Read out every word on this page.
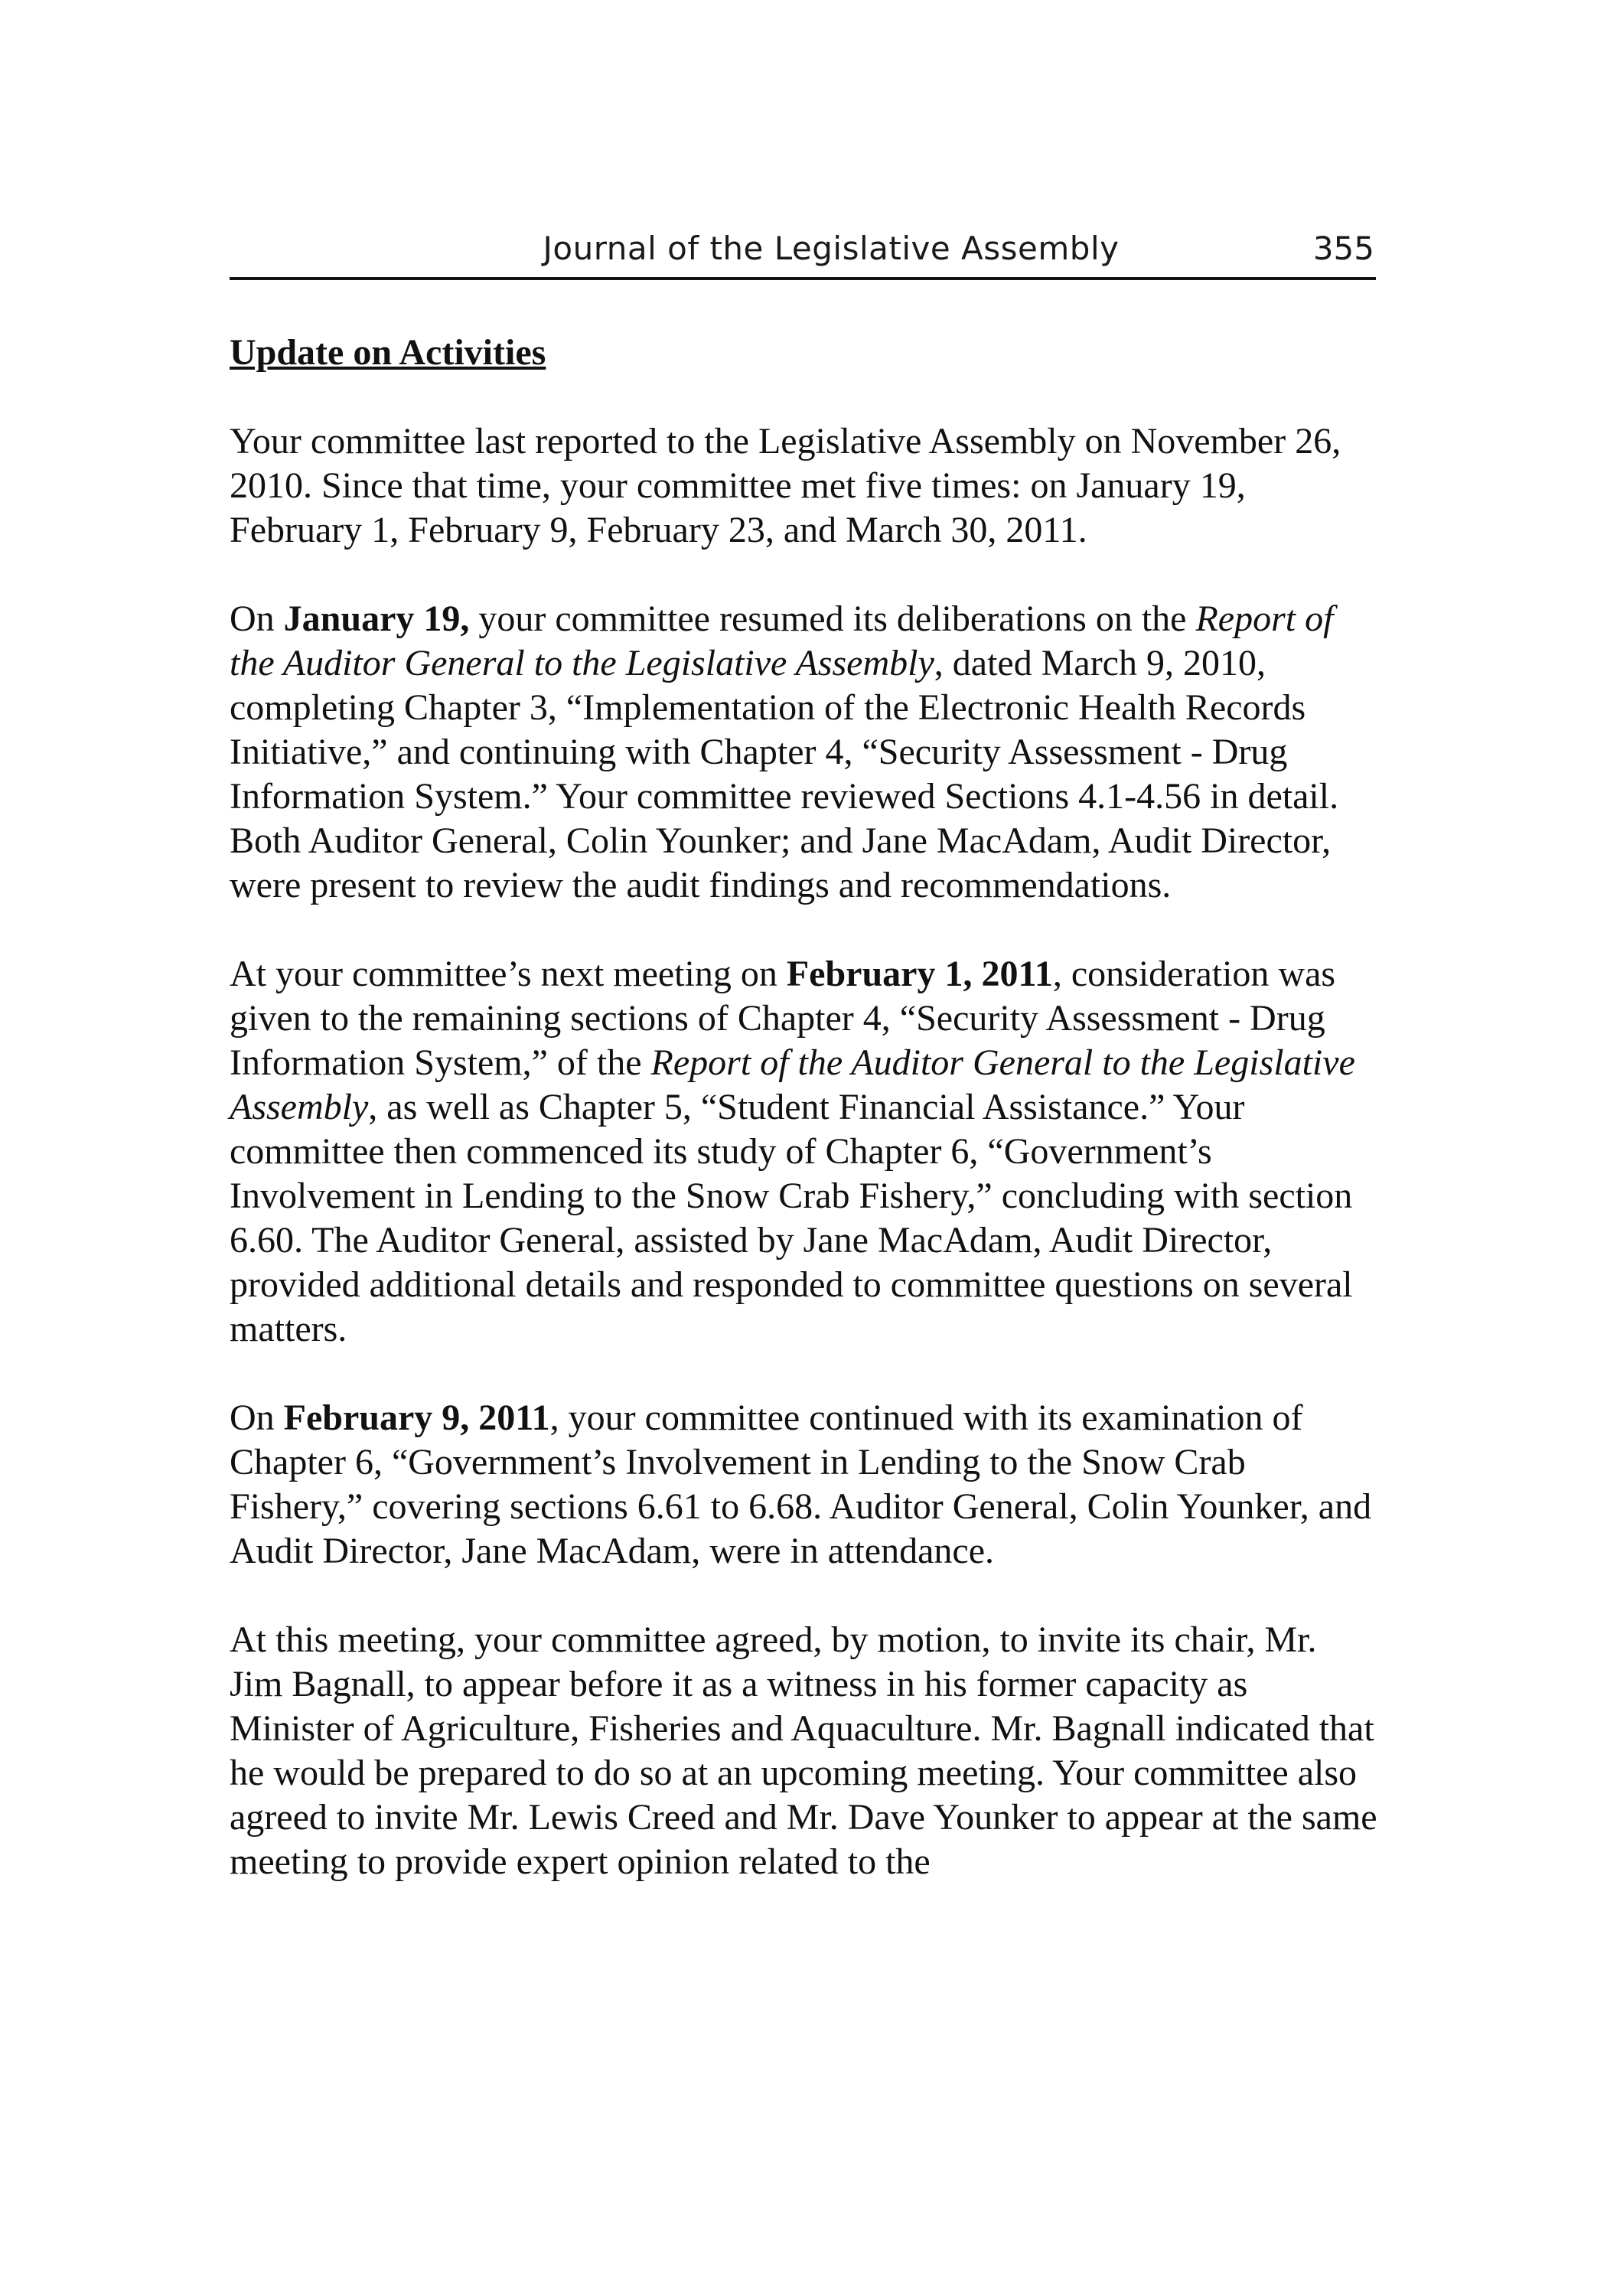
Journal of the Legislative Assembly	355
Update on Activities

Your committee last reported to the Legislative Assembly on November 26, 2010. Since that time, your committee met five times: on January 19, February 1, February 9, February 23, and March 30, 2011.

On January 19, your committee resumed its deliberations on the Report of the Auditor General to the Legislative Assembly, dated March 9, 2010, completing Chapter 3, “Implementation of the Electronic Health Records Initiative,” and continuing with Chapter 4, “Security Assessment - Drug Information System.” Your committee reviewed Sections 4.1-4.56 in detail. Both Auditor General, Colin Younker; and Jane MacAdam, Audit Director, were present to review the audit findings and recommendations.

At your committee’s next meeting on February 1, 2011, consideration was given to the remaining sections of Chapter 4, “Security Assessment - Drug Information System,” of the Report of the Auditor General to the Legislative Assembly, as well as Chapter 5, “Student Financial Assistance.” Your committee then commenced its study of Chapter 6, “Government’s Involvement in Lending to the Snow Crab Fishery,” concluding with section 6.60. The Auditor General, assisted by Jane MacAdam, Audit Director, provided additional details and responded to committee questions on several matters.

On February 9, 2011, your committee continued with its examination of Chapter 6, “Government’s Involvement in Lending to the Snow Crab Fishery,” covering sections 6.61 to 6.68. Auditor General, Colin Younker, and Audit Director, Jane MacAdam, were in attendance.

At this meeting, your committee agreed, by motion, to invite its chair, Mr. Jim Bagnall, to appear before it as a witness in his former capacity as Minister of Agriculture, Fisheries and Aquaculture. Mr. Bagnall indicated that he would be prepared to do so at an upcoming meeting. Your committee also agreed to invite Mr. Lewis Creed and Mr. Dave Younker to appear at the same meeting to provide expert opinion related to the
